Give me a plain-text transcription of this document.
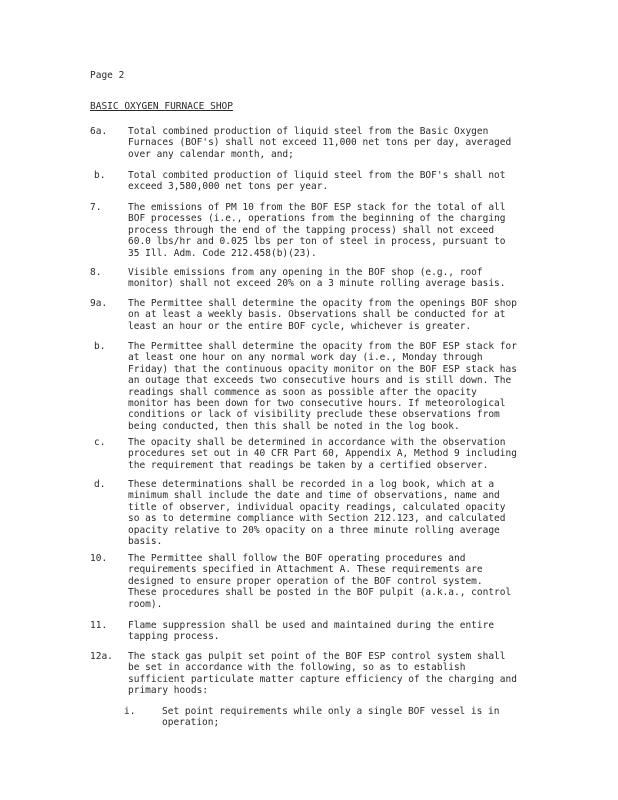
Page 2
BASIC OXYGEN FURNACE SHOP
6a.	Total combined production of liquid steel from the Basic Oxygen
Furnaces (BOF's) shall not exceed 11,000 net tons per day, averaged
over any calendar month, and;
b.	Total combited production of liquid steel from the BOF's shall not
exceed 3,580,000 net tons per year.
7.	The emissions of PM 10 from the BOF ESP stack for the total of all
BOF processes (i.e., operations from the beginning of the charging
process through the end of the tapping process) shall not exceed
60.0 lbs/hr and 0.025 lbs per ton of steel in process, pursuant to
35 Ill. Adm. Code 212.458(b)(23).
8.	Visible emissions from any opening in the BOF shop (e.g., roof
monitor) shall not exceed 20% on a 3 minute rolling average basis.
9a.	The Permittee shall determine the opacity from the openings BOF shop
on at least a weekly basis. Observations shall be conducted for at
least an hour or the entire BOF cycle, whichever is greater.
b.	The Permittee shall determine the opacity from the BOF ESP stack for
at least one hour on any normal work day (i.e., Monday through
Friday) that the continuous opacity monitor on the BOF ESP stack has
an outage that exceeds two consecutive hours and is still down. The
readings shall commence as soon as possible after the opacity
monitor has been down for two consecutive hours. If meteorological
conditions or lack of visibility preclude these observations from
being conducted, then this shall be noted in the log book.
c.	The opacity shall be determined in accordance with the observation
procedures set out in 40 CFR Part 60, Appendix A, Method 9 including
the requirement that readings be taken by a certified observer.
d.	These determinations shall be recorded in a log book, which at a
minimum shall include the date and time of observations, name and
title of observer, individual opacity readings, calculated opacity
so as to determine compliance with Section 212.123, and calculated
opacity relative to 20% opacity on a three minute rolling average
basis.
10.	The Permittee shall follow the BOF operating procedures and
requirements specified in Attachment A. These requirements are
designed to ensure proper operation of the BOF control system.
These procedures shall be posted in the BOF pulpit (a.k.a., control
room).
11.	Flame suppression shall be used and maintained during the entire
tapping process.
12a.	The stack gas pulpit set point of the BOF ESP control system shall
be set in accordance with the following, so as to establish
sufficient particulate matter capture efficiency of the charging and
primary hoods:
i.	Set point requirements while only a single BOF vessel is in
operation;
